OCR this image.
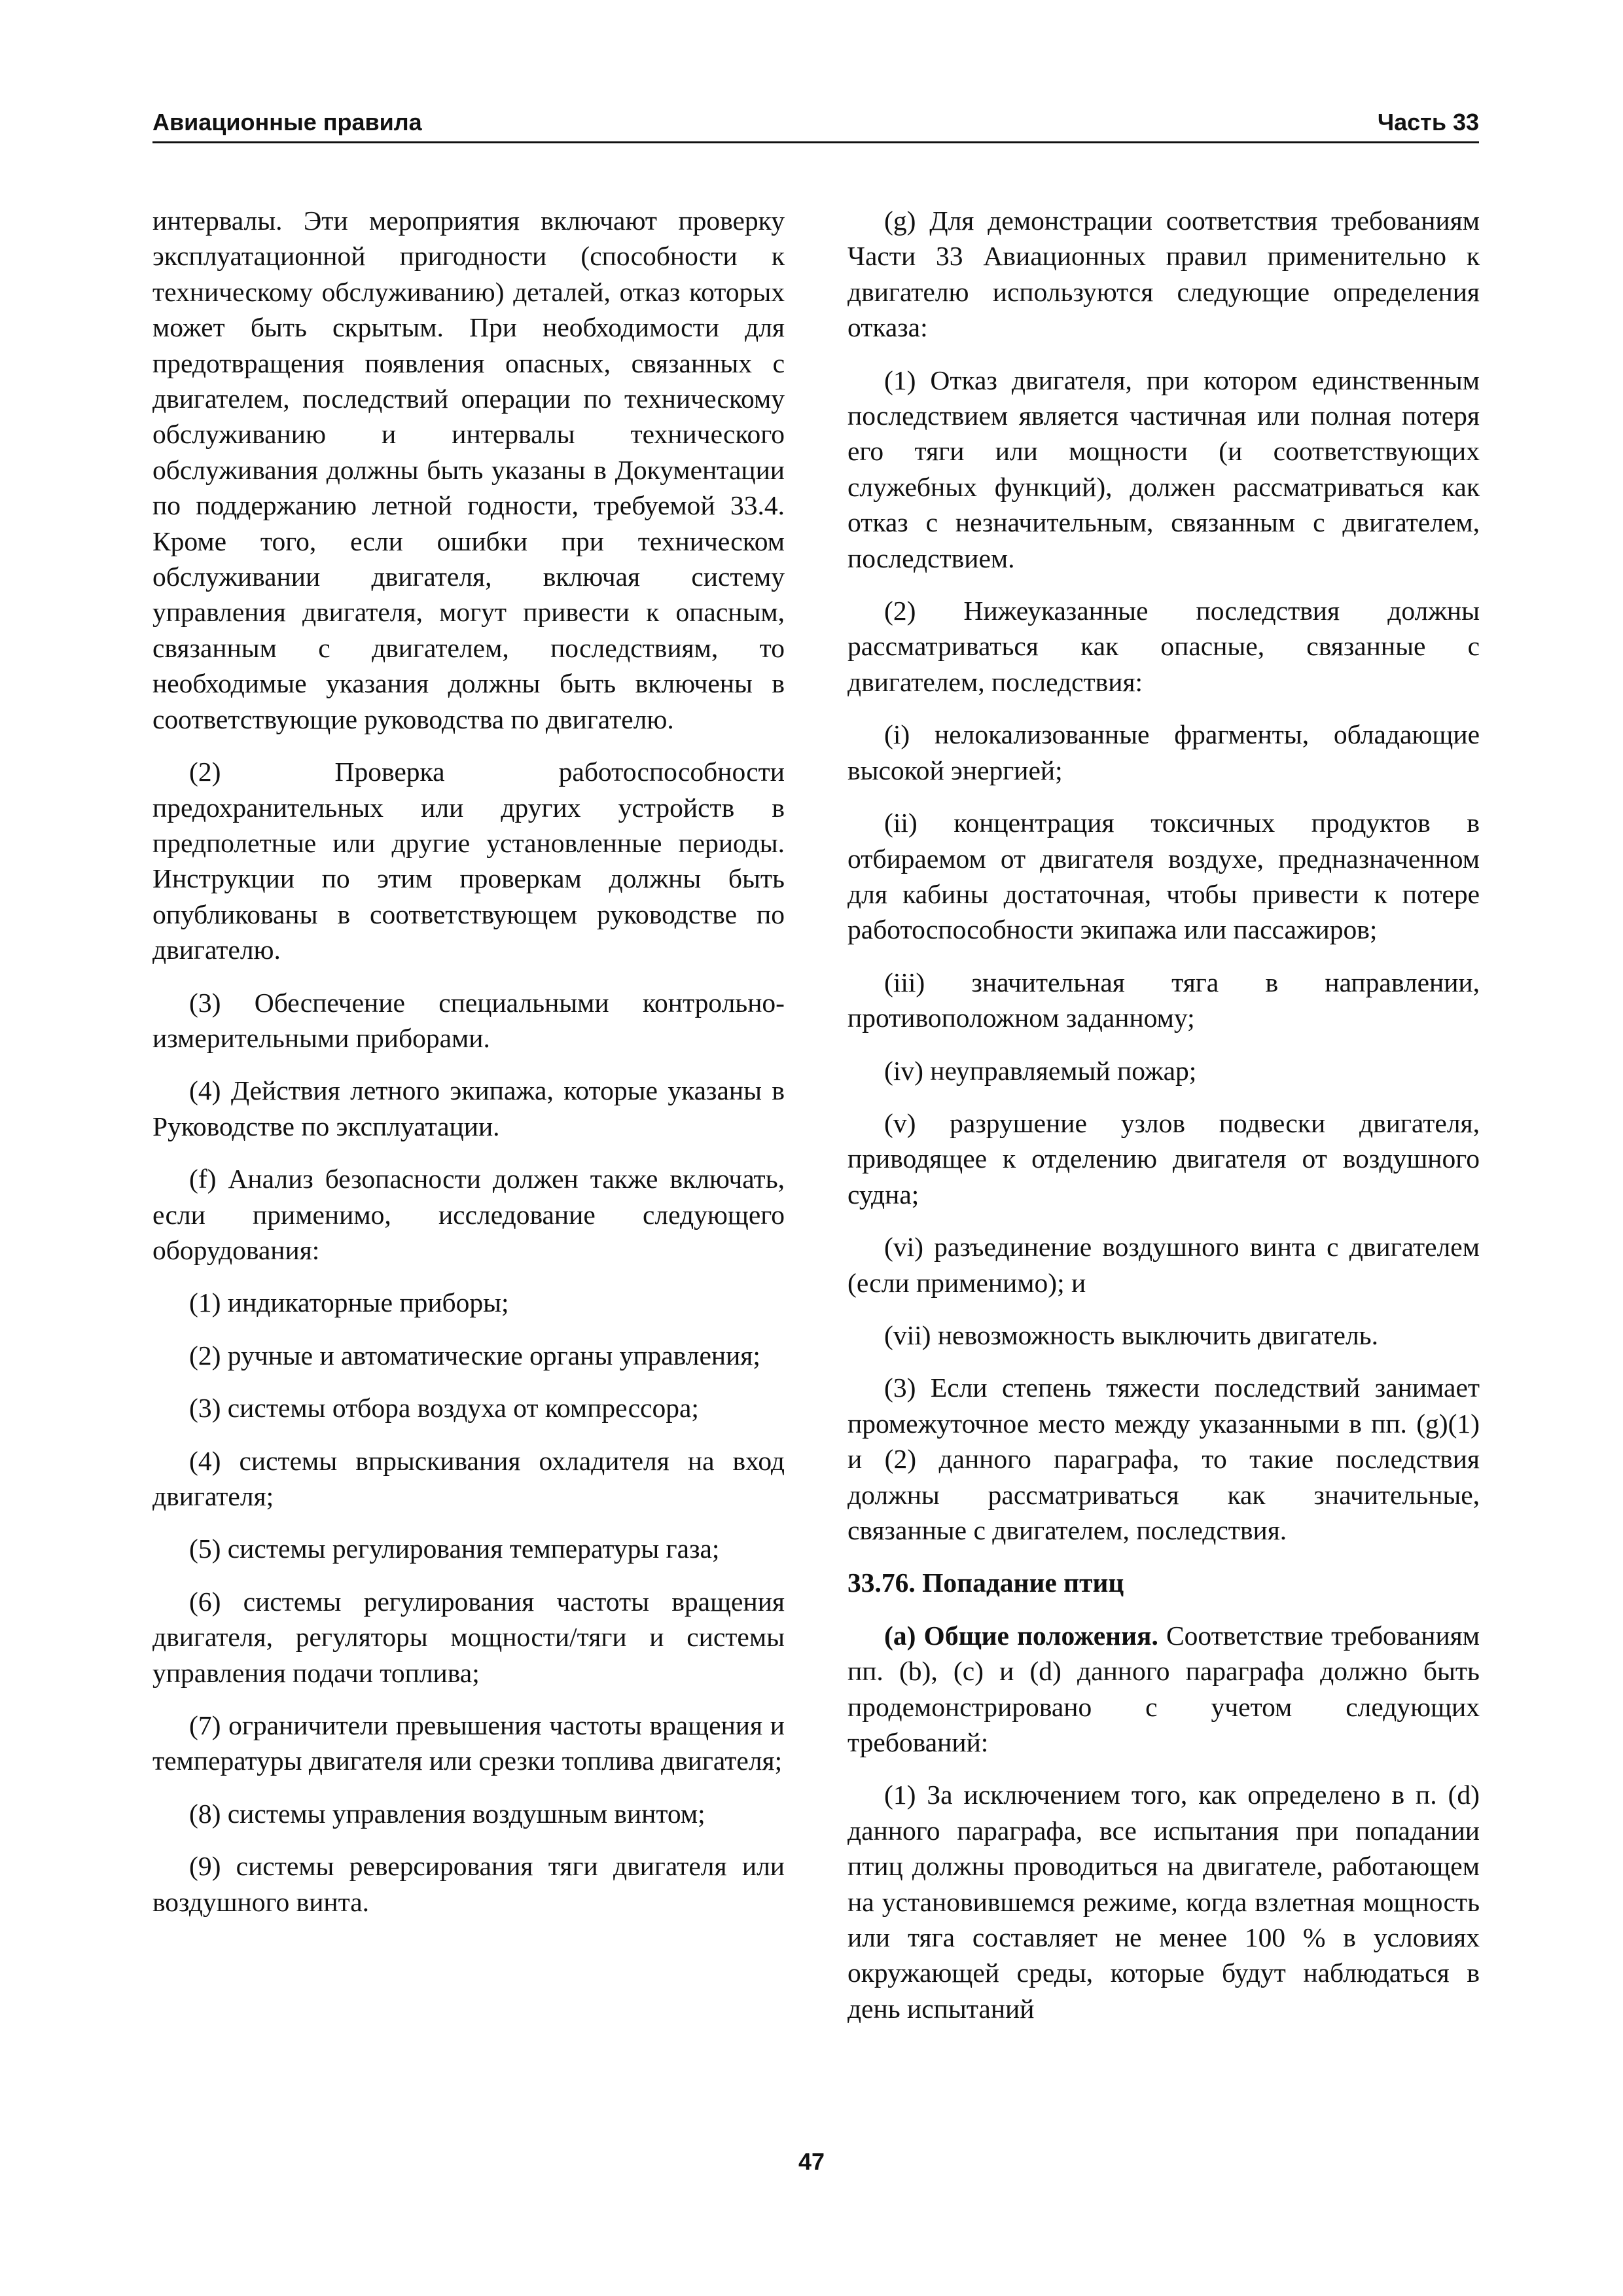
Авиационные правила	Часть 33

интервалы. Эти мероприятия включают проверку эксплуатационной пригодности (способности к техническому обслуживанию) деталей, отказ которых может быть скрытым. При необходимости для предотвращения появления опасных, связанных с двигателем, последствий операции по техническому обслуживанию и интервалы технического обслуживания должны быть указаны в Документации по поддержанию летной годности, требуемой 33.4. Кроме того, если ошибки при техническом обслуживании двигателя, включая систему управления двигателя, могут привести к опасным, связанным с двигателем, последствиям, то необходимые указания должны быть включены в соответствующие руководства по двигателю.

(2) Проверка работоспособности предохранительных или других устройств в предполетные или другие установленные периоды. Инструкции по этим проверкам должны быть опубликованы в соответствующем руководстве по двигателю.

(3) Обеспечение специальными контрольно-измерительными приборами.

(4) Действия летного экипажа, которые указаны в Руководстве по эксплуатации.

(f) Анализ безопасности должен также включать, если применимо, исследование следующего оборудования:

(1) индикаторные приборы;

(2) ручные и автоматические органы управления;

(3) системы отбора воздуха от компрессора;

(4) системы впрыскивания охладителя на вход двигателя;

(5) системы регулирования температуры газа;

(6) системы регулирования частоты вращения двигателя, регуляторы мощности/тяги и системы управления подачи топлива;

(7) ограничители превышения частоты вращения и температуры двигателя или срезки топлива двигателя;

(8) системы управления воздушным винтом;

(9) системы реверсирования тяги двигателя или воздушного винта.

(g) Для демонстрации соответствия требованиям Части 33 Авиационных правил применительно к двигателю используются следующие определения отказа:

(1) Отказ двигателя, при котором единственным последствием является частичная или полная потеря его тяги или мощности (и соответствующих служебных функций), должен рассматриваться как отказ с незначительным, связанным с двигателем, последствием.

(2) Нижеуказанные последствия должны рассматриваться как опасные, связанные с двигателем, последствия:

(i) нелокализованные фрагменты, обладающие высокой энергией;

(ii) концентрация токсичных продуктов в отбираемом от двигателя воздухе, предназначенном для кабины достаточная, чтобы привести к потере работоспособности экипажа или пассажиров;

(iii) значительная тяга в направлении, противоположном заданному;

(iv) неуправляемый пожар;

(v) разрушение узлов подвески двигателя, приводящее к отделению двигателя от воздушного судна;

(vi) разъединение воздушного винта с двигателем (если применимо); и

(vii) невозможность выключить двигатель.

(3) Если степень тяжести последствий занимает промежуточное место между указанными в пп. (g)(1) и (2) данного параграфа, то такие последствия должны рассматриваться как значительные, связанные с двигателем, последствия.

33.76. Попадание птиц

(a) Общие положения. Соответствие требованиям пп. (b), (c) и (d) данного параграфа должно быть продемонстрировано с учетом следующих требований:

(1) За исключением того, как определено в п. (d) данного параграфа, все испытания при попадании птиц должны проводиться на двигателе, работающем на установившемся режиме, когда взлетная мощность или тяга составляет не менее 100 % в условиях окружающей среды, которые будут наблюдаться в день испытаний

47
